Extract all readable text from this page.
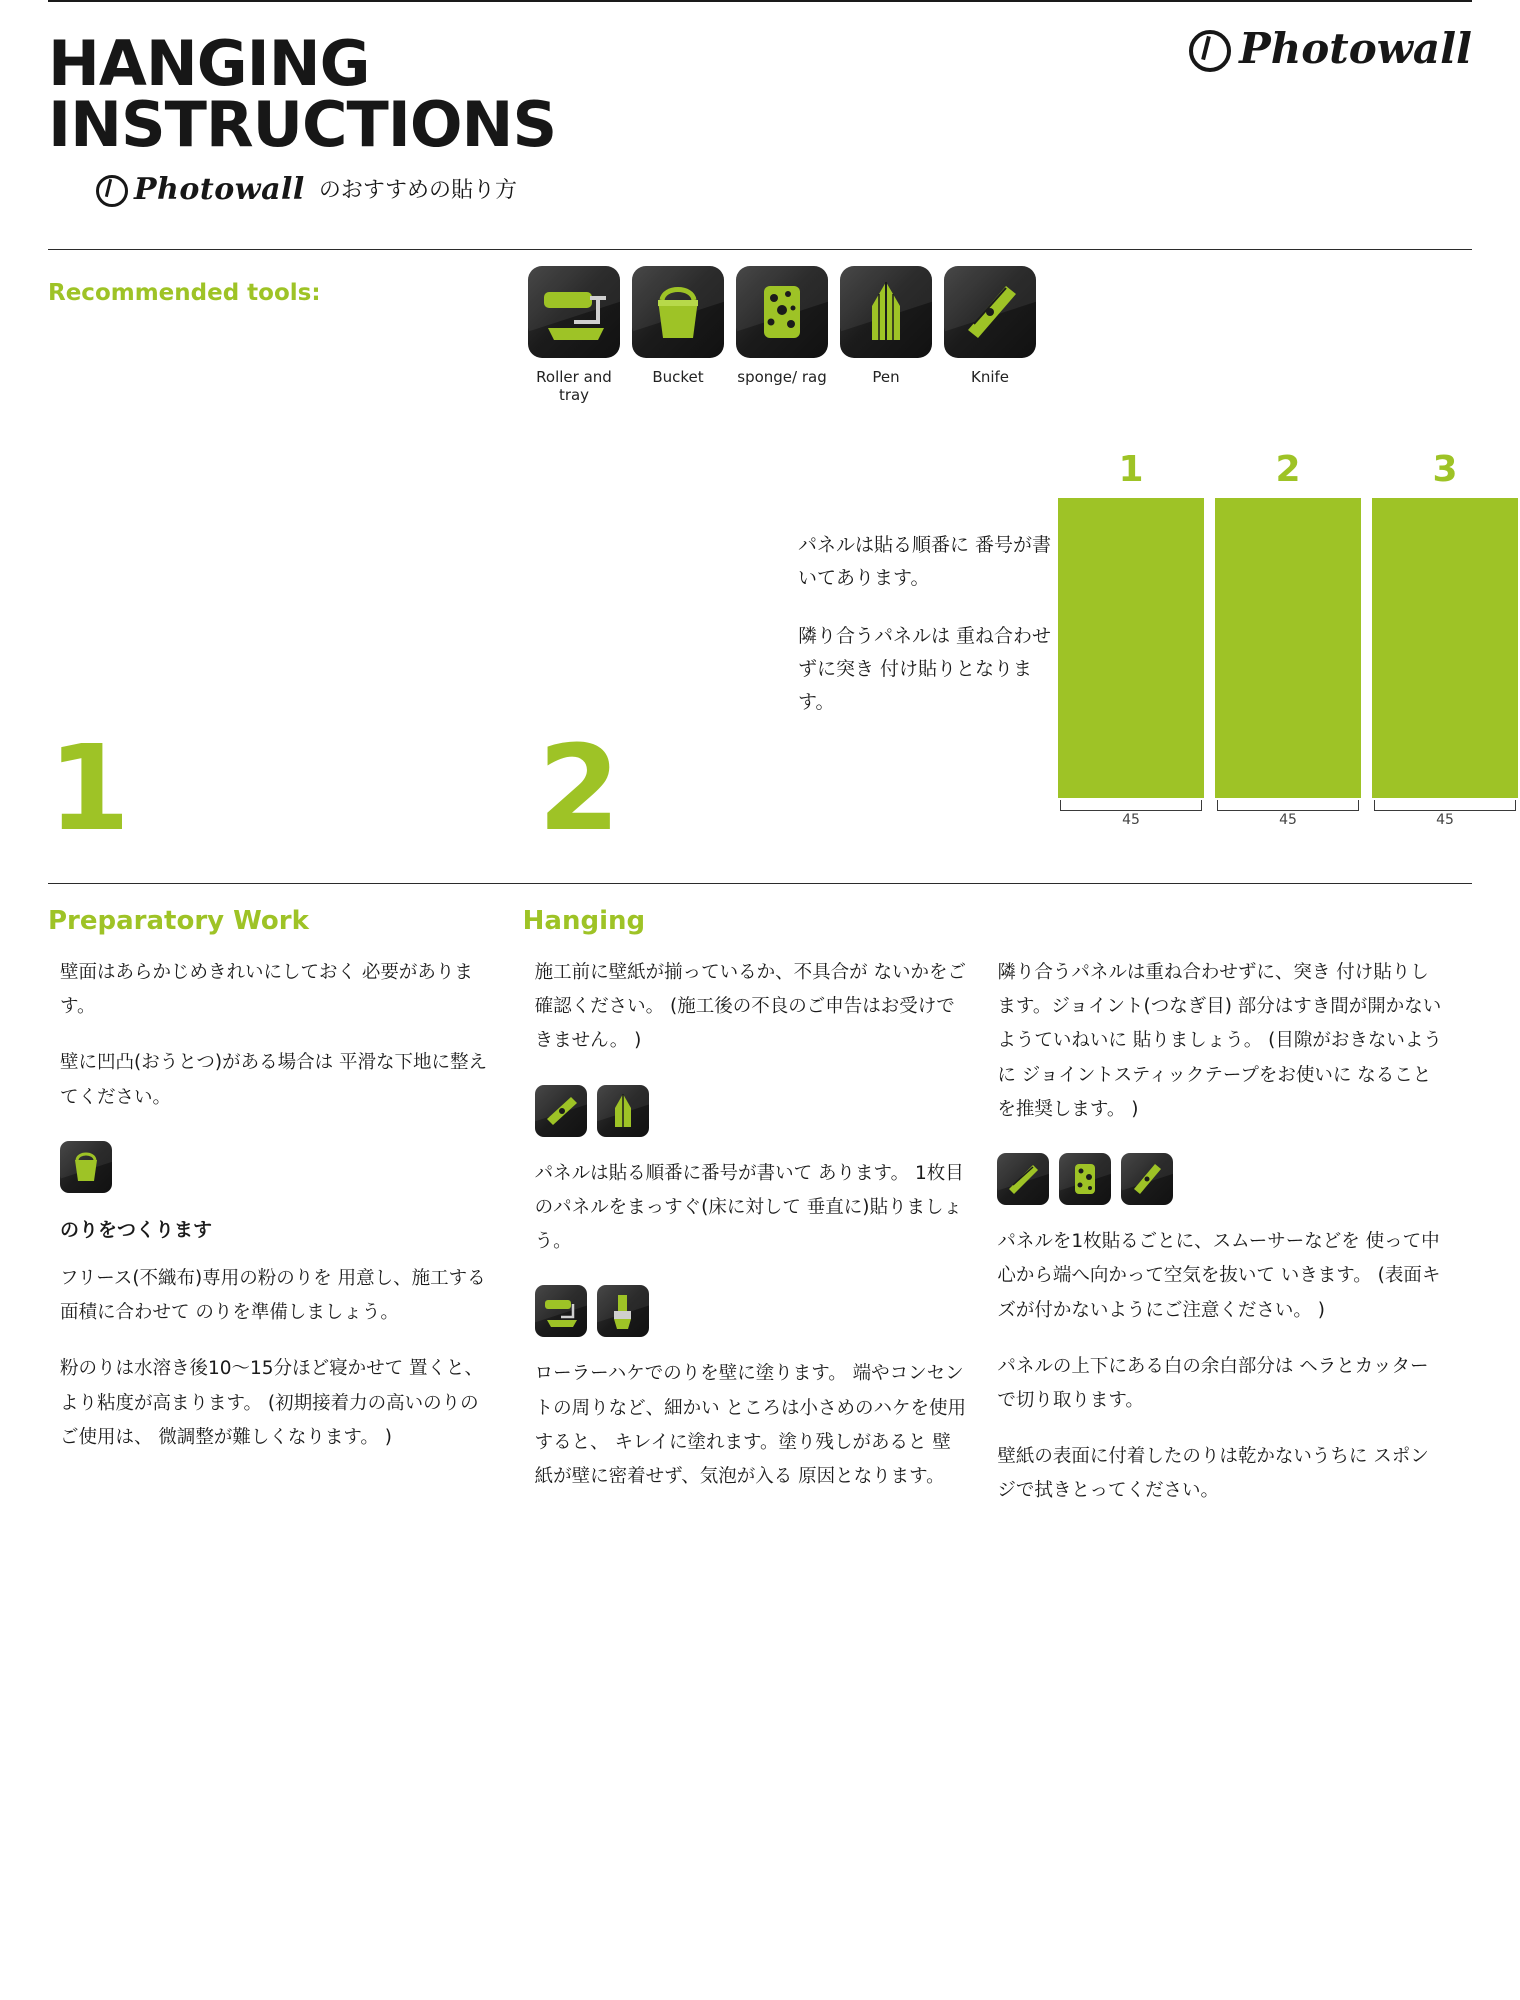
Photowall
HANGING
INSTRUCTIONS
Photowall のおすすめの貼り方
Recommended tools:
Roller and tray
Bucket	sponge/ rag	Pen	Knife
1	2

パネルは貼る順番に 番号が書いてあります。

隣り合うパネルは 重ね合わせずに突き 付け貼りとなります。

1	2	3
45	45	45
Preparatory Work

壁面はあらかじめきれいにしておく 必要があります。

壁に凹凸(おうとつ)がある場合は 平滑な下地に整えてください。

のりをつくります

フリース(不織布)専用の粉のりを 用意し、施工する面積に合わせて のりを準備しましょう。

粉のりは水溶き後10〜15分ほど寝かせて 置くと、より粘度が高まります。 (初期接着力の高いのりのご使用は、 微調整が難しくなります。 )

Hanging

施工前に壁紙が揃っているか、不具合が ないかをご確認ください。 (施工後の不良のご申告はお受けできません。 )

パネルは貼る順番に番号が書いて あります。 1枚目のパネルをまっすぐ(床に対して 垂直に)貼りましょう。

ローラーハケでのりを壁に塗ります。 端やコンセントの周りなど、細かい ところは小さめのハケを使用すると、 キレイに塗れます。塗り残しがあると 壁紙が壁に密着せず、気泡が入る 原因となります。

隣り合うパネルは重ね合わせずに、突き 付け貼りします。ジョイント(つなぎ目) 部分はすき間が開かないようていねいに 貼りましょう。 (目隙がおきないように ジョイントスティックテープをお使いに なることを推奨します。 )

パネルを1枚貼るごとに、スムーサーなどを 使って中心から端へ向かって空気を抜いて いきます。 (表面キズが付かないようにご注意ください。 )

パネルの上下にある白の余白部分は ヘラとカッターで切り取ります。

壁紙の表面に付着したのりは乾かないうちに スポンジで拭きとってください。
